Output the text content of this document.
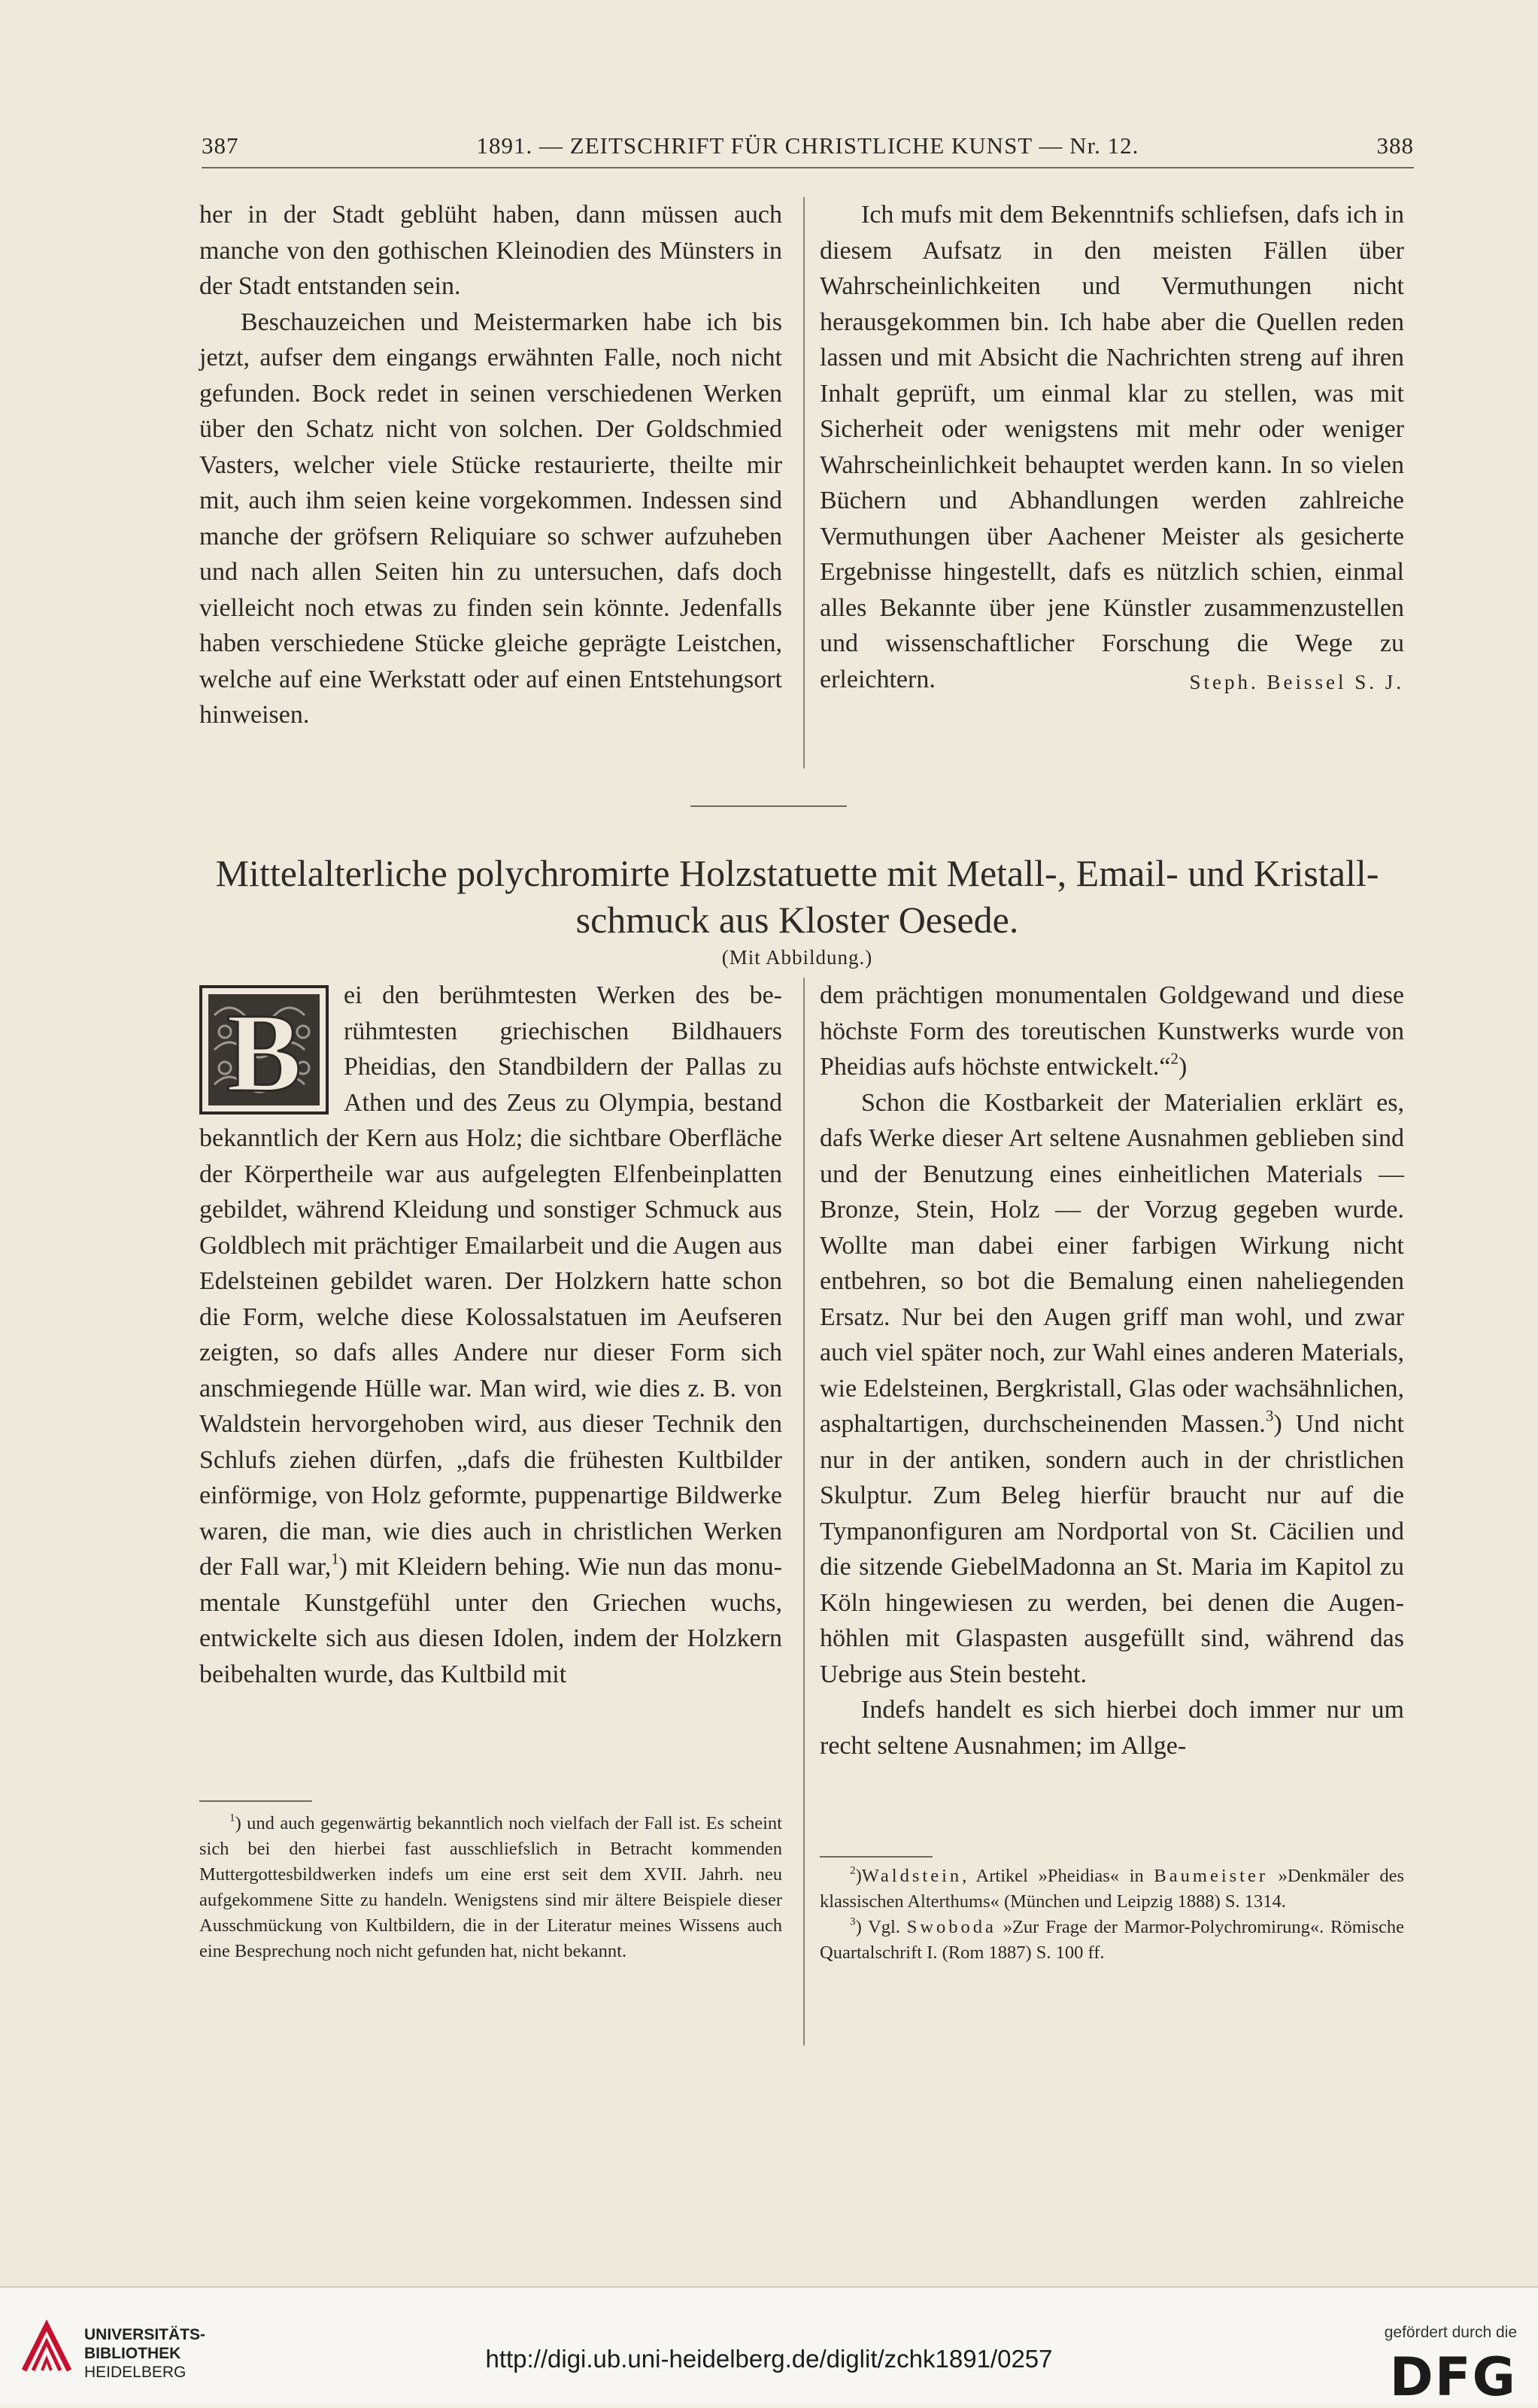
387	1891. — ZEITSCHRIFT FÜR CHRISTLICHE KUNST — Nr. 12.	388

her in der Stadt geblüht haben, dann müssen auch manche von den gothischen Kleinodien des Münsters in der Stadt entstanden sein.

Beschauzeichen und Meistermarken habe ich bis jetzt, aufser dem eingangs erwähnten Falle, noch nicht gefunden. Bock redet in seinen verschiedenen Werken über den Schatz nicht von solchen. Der Goldschmied Vasters, welcher viele Stücke restaurierte, theilte mir mit, auch ihm seien keine vorgekommen. Indessen sind manche der gröfsern Reliquiare so schwer aufzuheben und nach allen Seiten hin zu untersuchen, dafs doch vielleicht noch etwas zu finden sein könnte. Jedenfalls haben verschiedene Stücke gleiche geprägte Leistchen, welche auf eine Werkstatt oder auf einen Entstehungsort hinweisen.

Ich mufs mit dem Bekenntnifs schliefsen, dafs ich in diesem Aufsatz in den meisten Fällen über Wahrscheinlichkeiten und Vermuthungen nicht herausgekommen bin. Ich habe aber die Quellen reden lassen und mit Absicht die Nachrichten streng auf ihren Inhalt geprüft, um einmal klar zu stellen, was mit Sicherheit oder wenigstens mit mehr oder weniger Wahrscheinlichkeit behauptet werden kann. In so vielen Büchern und Abhandlungen werden zahlreiche Vermuthungen über Aachener Meister als gesicherte Ergebnisse hingestellt, dafs es nützlich schien, einmal alles Bekannte über jene Künstler zusammenzustellen und wissenschaftlicher Forschung die Wege zu erleichtern.	Steph. Beissel S. J.

Mittelalterliche polychromirte Holzstatuette mit Metall-, Email- und Kristallschmuck aus Kloster Oesede.
(Mit Abbildung.)

B ei den berühmtesten Werken des berühmtesten griechischen Bildhauers Pheidias, den Standbildern der Pallas zu Athen und des Zeus zu Olympia, bestand bekanntlich der Kern aus Holz; die sichtbare Oberfläche der Körpertheile war aus aufgelegten Elfenbeinplatten gebildet, während Kleidung und sonstiger Schmuck aus Goldblech mit prächtiger Emailarbeit und die Augen aus Edelsteinen gebildet waren. Der Holzkern hatte schon die Form, welche diese Kolossalstatuen im Aeufseren zeigten, so dafs alles Andere nur dieser Form sich anschmiegende Hülle war. Man wird, wie dies z. B. von Waldstein hervorgehoben wird, aus dieser Technik den Schlufs ziehen dürfen, „dafs die frühesten Kultbilder einförmige, von Holz geformte, puppenartige Bildwerke waren, die man, wie dies auch in christlichen Werken der Fall war,$^1$) mit Kleidern behing. Wie nun das monumentale Kunstgefühl unter den Griechen wuchs, entwickelte sich aus diesen Idolen, indem der Holzkern beibehalten wurde, das Kultbild mit

dem prächtigen monumentalen Goldgewand und diese höchste Form des toreutischen Kunstwerks wurde von Pheidias aufs höchste entwickelt.“$^2$)

Schon die Kostbarkeit der Materialien erklärt es, dafs Werke dieser Art seltene Ausnahmen geblieben sind und der Benutzung eines einheitlichen Materials — Bronze, Stein, Holz — der Vorzug gegeben wurde. Wollte man dabei einer farbigen Wirkung nicht entbehren, so bot die Bemalung einen naheliegenden Ersatz. Nur bei den Augen griff man wohl, und zwar auch viel später noch, zur Wahl eines anderen Materials, wie Edelsteinen, Bergkristall, Glas oder wachsähnlichen, asphaltartigen, durchscheinenden Massen.$^3$) Und nicht nur in der antiken, sondern auch in der christlichen Skulptur. Zum Beleg hierfür braucht nur auf die Tympanonfiguren am Nordportal von St. Cäcilien und die sitzende GiebelMadonna an St. Maria im Kapitol zu Köln hingewiesen zu werden, bei denen die Augenhöhlen mit Glaspasten ausgefüllt sind, während das Uebrige aus Stein besteht.

Indefs handelt es sich hierbei doch immer nur um recht seltene Ausnahmen; im Allge-

$^1$) und auch gegenwärtig bekanntlich noch vielfach der Fall ist. Es scheint sich bei den hierbei fast ausschliefslich in Betracht kommenden Muttergottesbildwerken indefs um eine erst seit dem XVII. Jahrh. neu aufgekommene Sitte zu handeln. Wenigstens sind mir ältere Beispiele dieser Ausschmückung von Kultbildern, die in der Literatur meines Wissens auch eine Besprechung noch nicht gefunden hat, nicht bekannt.

$^2$)Waldstein, Artikel »Pheidias« in Baumeister »Denkmäler des klassischen Alterthums« (München und Leipzig 1888) S. 1314.

$^3$) Vgl. Swoboda »Zur Frage der Marmor-Polychromirung«. Römische Quartalschrift I. (Rom 1887) S. 100 ff.

UNIVERSITÄTS-
BIBLIOTHEK
HEIDELBERG	http://digi.ub.uni-heidelberg.de/diglit/zchk1891/0257
gefördert durch die
DFG
